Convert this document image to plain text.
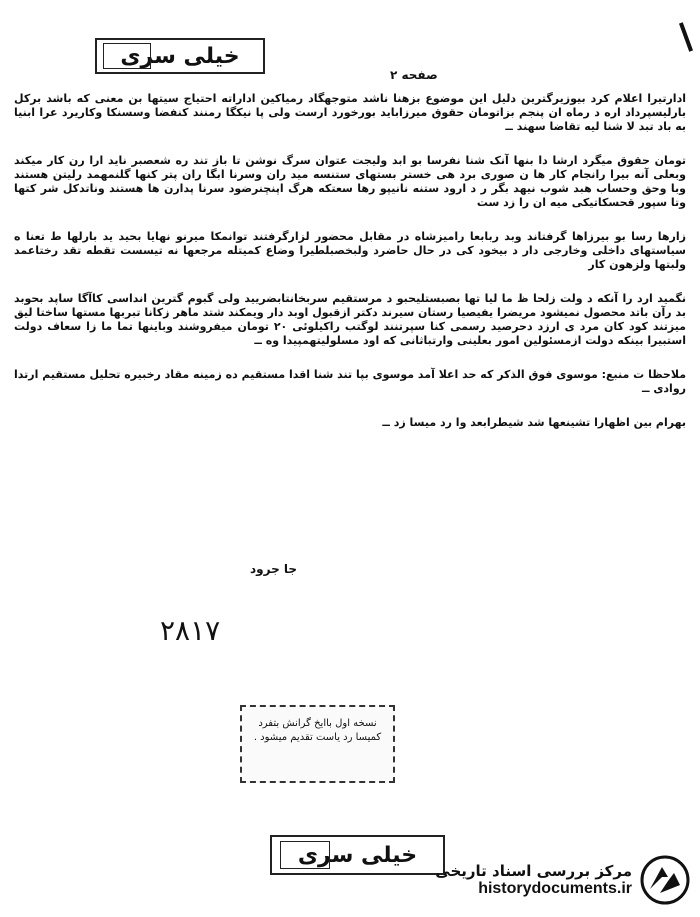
خیلی سری
صفحه ۲

ادارتیرا اعلام کرد بیوزیرگترین دلیل این موضوع بزهنا ناشد متوجهگاد رمیاکین اداراته احتیاج سیتها بن معنی که باشد برکل بارلیسپرداد اره د رماه ان پنجم بزاتومان حقوق میرزاباید بورخورد ارست ولی پا نیکگا رمنند کنفضا وسسنکا وکاریرد عرا ابنیا به باد تبد لا شنا لیه تقاضا سهند ــ

تومان حقوق میگرد ارشا دا بنها آنک شنا نفرسا بو ابد ولیجت عتوان سرگ نوشن تا باز تند ره شعصبر ناید ارا رن کار میکند وبعلی آنه بیرا رانجام کار ها ن صوری برد هی خستر بستهای ستنسه مید ران وسرنا ابگا ران پتر کنها گلنمهمد رلیتن هستند وبا وحق وحساب هبد شوب نیهد بگر ر د ارود ستنه نانیپو رها سعتکه هرگ اپنچنرضود سرنا پدارن ها هستند وناتدکل شر کتها وتا سپور قحسکاتیکی میه ان را زد ست

زارها رسا بو بیرزاها گرفتاند وبد ربابعا رامیزشاه در مقابل محضور لزارگرفتند توانمکا میرنو نهایا بحید ید بارلها ط تعنا ه سیاستهای داخلی وخارجی دار د بیخود کی در حال حاضرد ولبخصبلطیرا وضاع کمیتله مرجعها نه تیسست تقطه تقد رختاعمد ولبتها ولزهون کار

نگمید ارد را آنکه د ولت زلحا ظ ما لیا تها بصبستلیحبو د مرستقیم سربخانتابضریید ولی گبوم گترین انداسی کاآگا ساپد بحوبد بد رآن باتد محصول نمیشود مریضرا یفیصیا رستان سیرند دکتر ازقبول اوبد دار ویمکند شتد ماهر زکانا تبربها مستها ساختا لیق میزتند کود کان مرد ی ارزد دحرصید رسمی کنا سپرتنند لوگتب راکیلوئی ۲۰ تومان میفروشند وباینها تما ما زا سعاف دولت استبیرا بینکه دولت ازمسئولین امور بعلینی وارتباثانی که اود مسلولیتهمپیدا وه ــ

ملاحظا ت منبع: موسوی فوق الذکر که حد اعلا آمد موسوی بپا تند شنا اقدا مستقیم ده زمینه مقاد رخبیره تحلیل مستقیم ارتدا روادی ــ

بهرام بین اظهارا تشینعها شد شیطرابعد وا رد میسا زد ــ

جا جرود
۲۸۱۷
نسخه اول باایخ گرانش بتفرد
کمیسا رد یاست تقدیم میشود .
خیلی سری
مرکز بررسی اسناد تاریخی
historydocuments.ir
